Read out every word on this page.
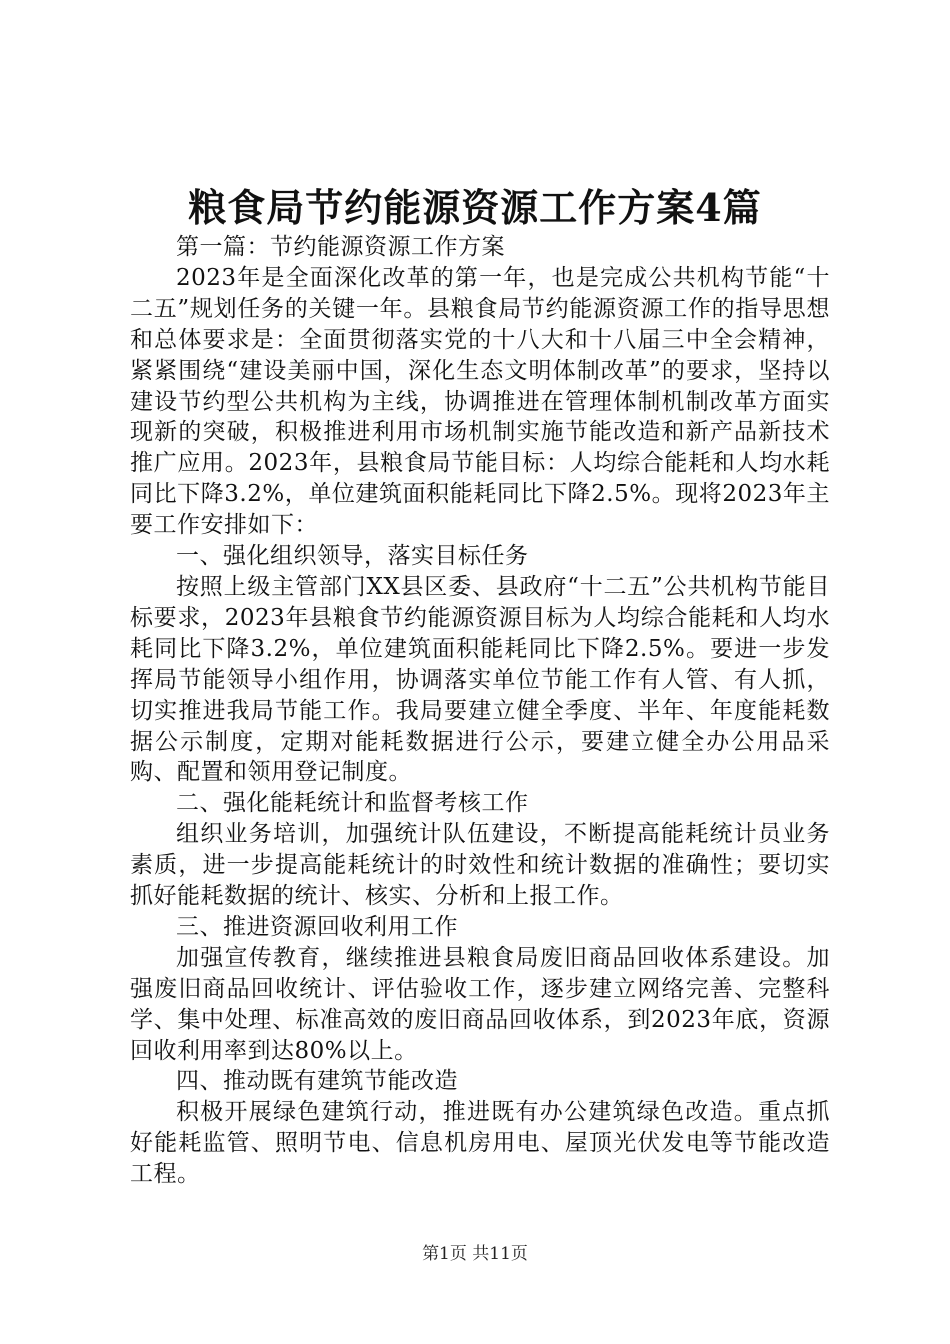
粮食局节约能源资源工作方案4篇

第一篇：节约能源资源工作方案

2023年是全面深化改革的第一年，也是完成公共机构节能“十二五”规划任务的关键一年。县粮食局节约能源资源工作的指导思想和总体要求是：全面贯彻落实党的十八大和十八届三中全会精神，紧紧围绕“建设美丽中国，深化生态文明体制改革”的要求，坚持以建设节约型公共机构为主线，协调推进在管理体制机制改革方面实现新的突破，积极推进利用市场机制实施节能改造和新产品新技术推广应用。2023年，县粮食局节能目标：人均综合能耗和人均水耗同比下降3.2%，单位建筑面积能耗同比下降2.5%。现将2023年主要工作安排如下：

一、强化组织领导，落实目标任务

按照上级主管部门XX县区委、县政府“十二五”公共机构节能目标要求，2023年县粮食节约能源资源目标为人均综合能耗和人均水耗同比下降3.2%，单位建筑面积能耗同比下降2.5%。要进一步发挥局节能领导小组作用，协调落实单位节能工作有人管、有人抓，切实推进我局节能工作。我局要建立健全季度、半年、年度能耗数据公示制度，定期对能耗数据进行公示，要建立健全办公用品采购、配置和领用登记制度。

二、强化能耗统计和监督考核工作

组织业务培训，加强统计队伍建设，不断提高能耗统计员业务素质，进一步提高能耗统计的时效性和统计数据的准确性；要切实抓好能耗数据的统计、核实、分析和上报工作。

三、推进资源回收利用工作

加强宣传教育，继续推进县粮食局废旧商品回收体系建设。加强废旧商品回收统计、评估验收工作，逐步建立网络完善、完整科学、集中处理、标准高效的废旧商品回收体系，到2023年底，资源回收利用率到达80%以上。

四、推动既有建筑节能改造

积极开展绿色建筑行动，推进既有办公建筑绿色改造。重点抓好能耗监管、照明节电、信息机房用电、屋顶光伏发电等节能改造工程。

第1页 共11页
